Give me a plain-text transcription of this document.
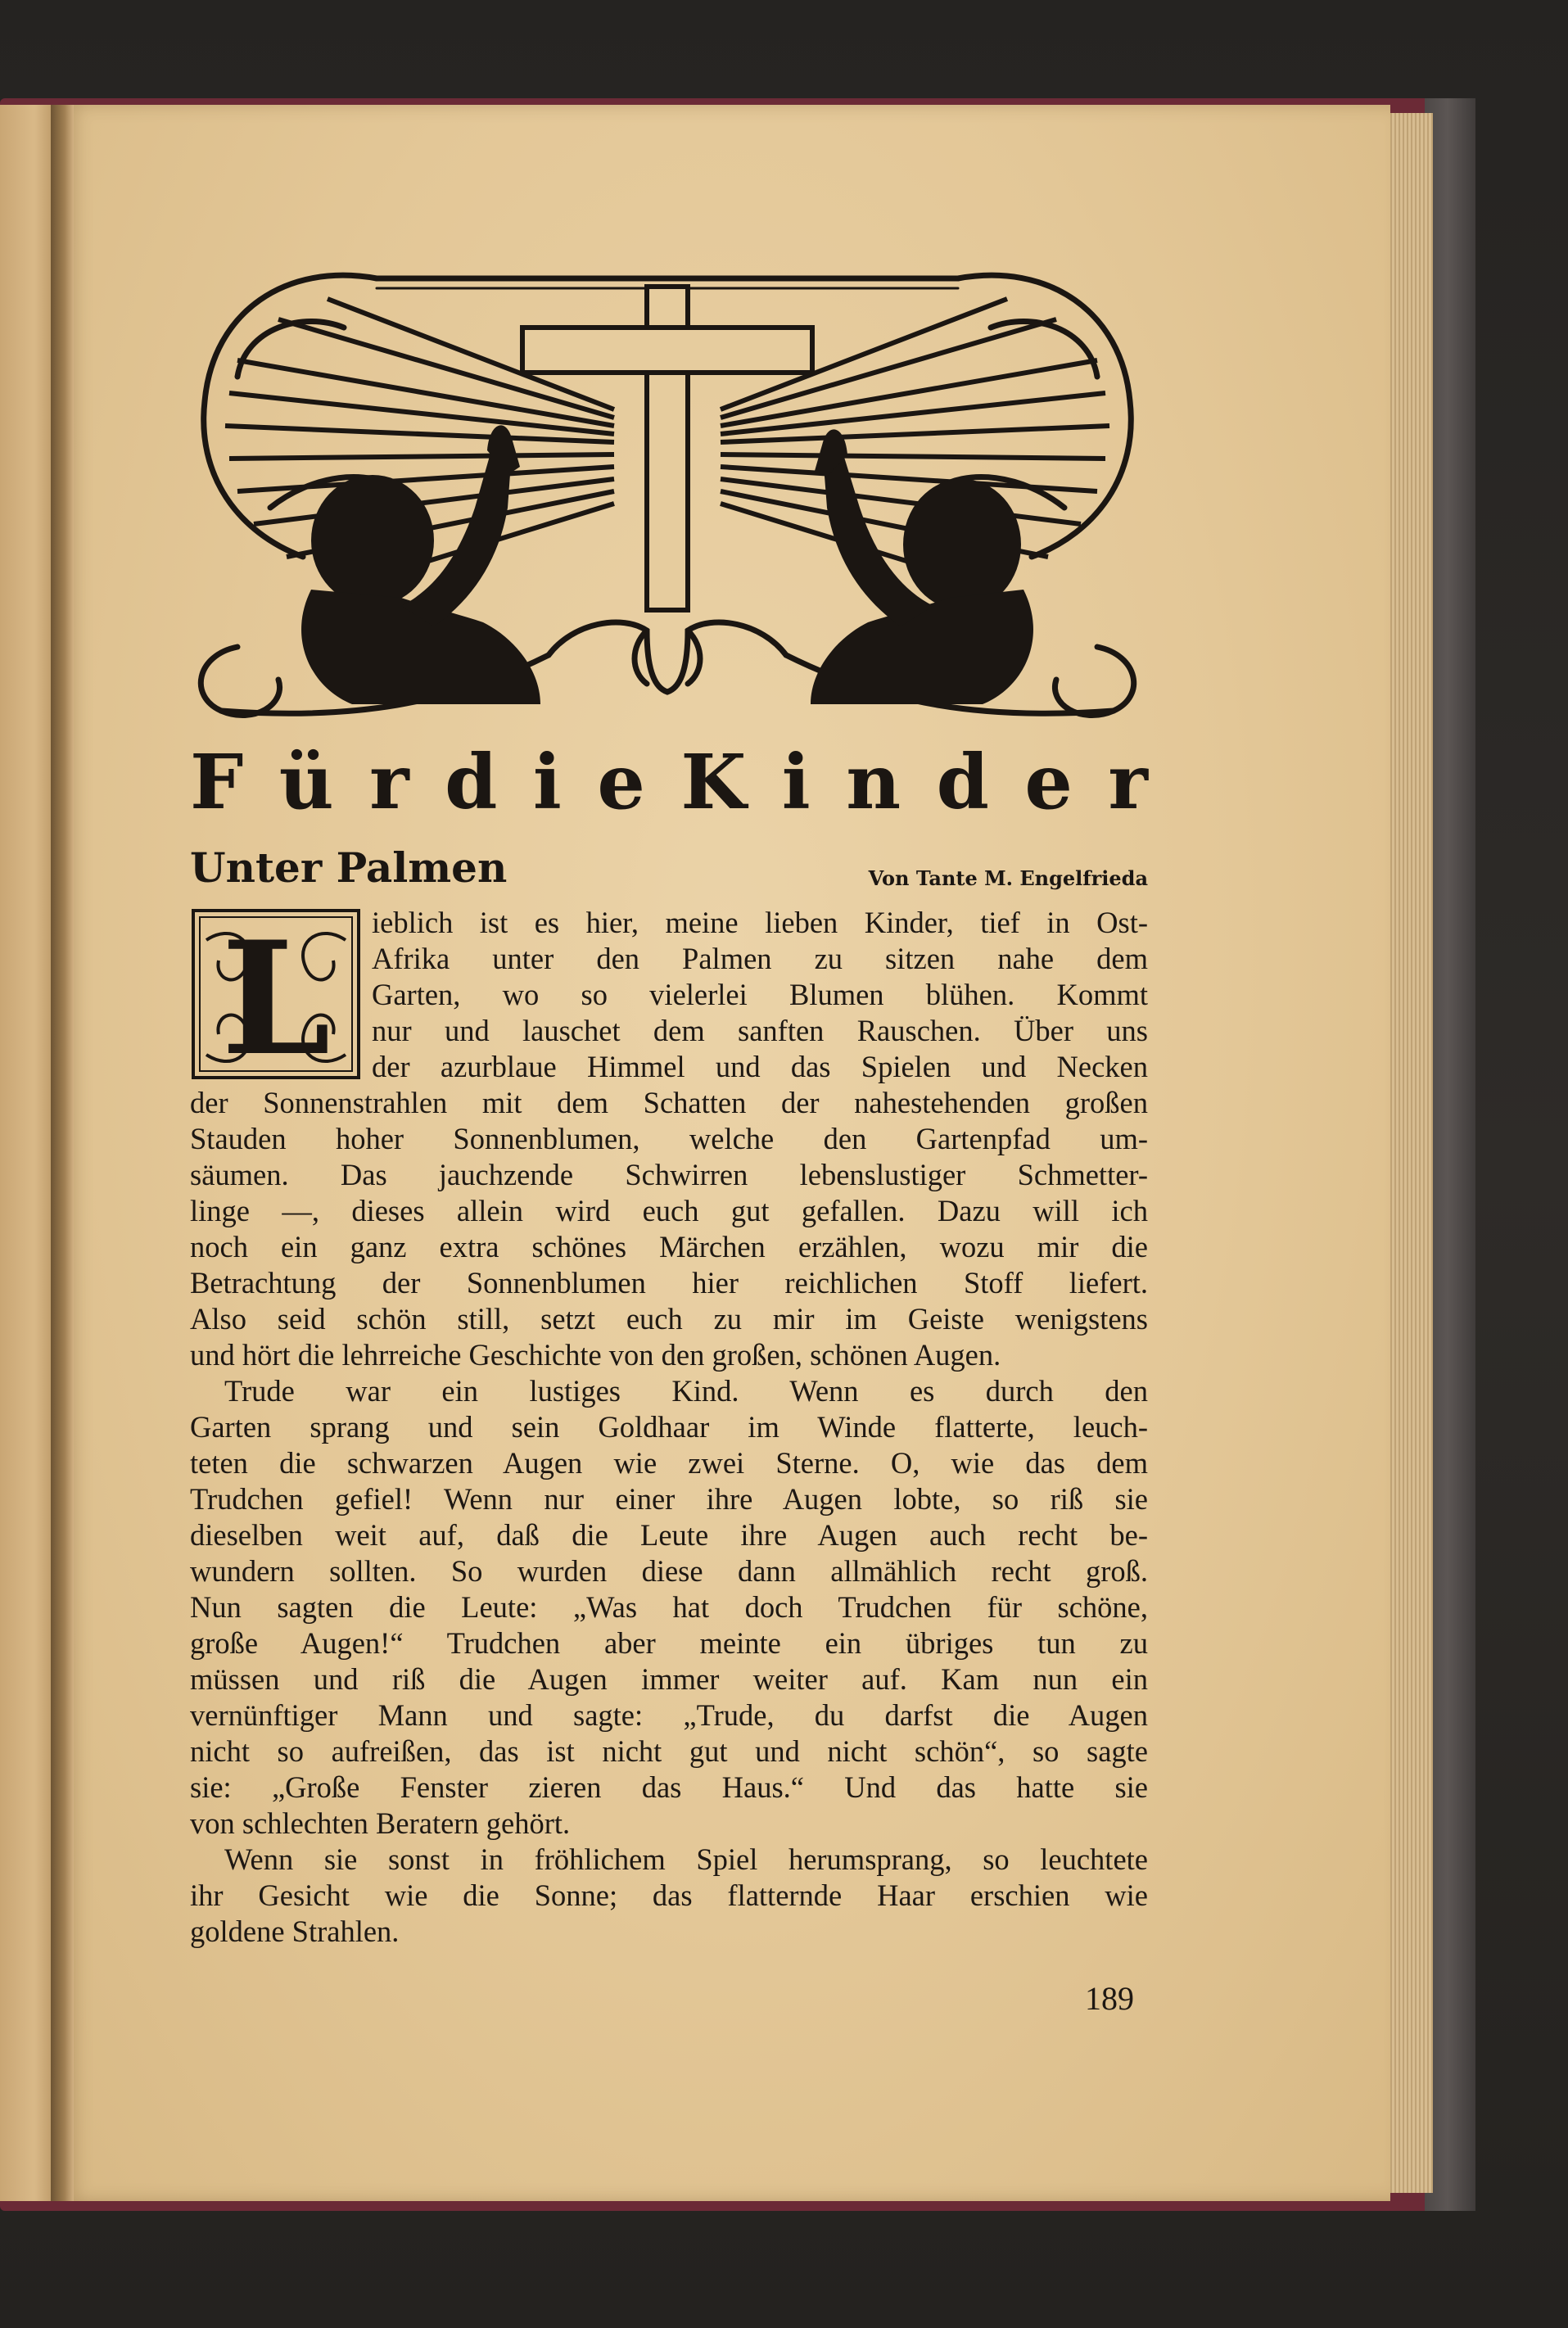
F ü r d i e K i n d e r
Unter Palmen	Von Tante M. Engelfrieda
L	ieblich ist es hier, meine lieben Kinder, tief in Ost-
Afrika unter den Palmen zu sitzen nahe dem
Garten, wo so vielerlei Blumen blühen. Kommt
nur und lauschet dem sanften Rauschen. Über uns
der azurblaue Himmel und das Spielen und Necken
der Sonnenstrahlen mit dem Schatten der nahestehenden großen
Stauden hoher Sonnenblumen, welche den Gartenpfad um-
säumen. Das jauchzende Schwirren lebenslustiger Schmetter-
linge —, dieses allein wird euch gut gefallen. Dazu will ich
noch ein ganz extra schönes Märchen erzählen, wozu mir die
Betrachtung der Sonnenblumen hier reichlichen Stoff liefert.
Also seid schön still, setzt euch zu mir im Geiste wenigstens
und hört die lehrreiche Geschichte von den großen, schönen Augen.
Trude war ein lustiges Kind. Wenn es durch den
Garten sprang und sein Goldhaar im Winde flatterte, leuch-
teten die schwarzen Augen wie zwei Sterne. O, wie das dem
Trudchen gefiel! Wenn nur einer ihre Augen lobte, so riß sie
dieselben weit auf, daß die Leute ihre Augen auch recht be-
wundern sollten. So wurden diese dann allmählich recht groß.
Nun sagten die Leute: „Was hat doch Trudchen für schöne,
große Augen!“ Trudchen aber meinte ein übriges tun zu
müssen und riß die Augen immer weiter auf. Kam nun ein
vernünftiger Mann und sagte: „Trude, du darfst die Augen
nicht so aufreißen, das ist nicht gut und nicht schön“, so sagte
sie: „Große Fenster zieren das Haus.“ Und das hatte sie
von schlechten Beratern gehört.
Wenn sie sonst in fröhlichem Spiel herumsprang, so leuchtete
ihr Gesicht wie die Sonne; das flatternde Haar erschien wie
goldene Strahlen.
189
